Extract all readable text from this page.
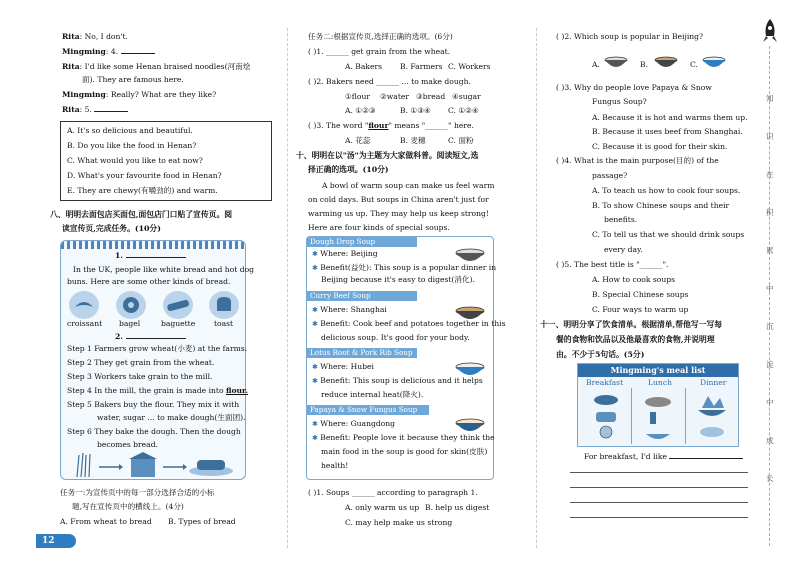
Rita: No, I don't.
Mingming: 4.
Rita: I'd like some Henan braised noodles(河南烩
面). They are famous here.
Mingming: Really? What are they like?
Rita: 5.
A. It's so delicious and beautiful.
B. Do you like the food in Henan?
C. What would you like to eat now?
D. What's your favourite food in Henan?
E. They are chewy(有嚼劲的) and warm.
八、明明去面包店买面包,面包店门口贴了宣传页。阅
读宣传页,完成任务。(10分)
1.
In the UK, people like white bread and hot dog
buns. Here are some other kinds of bread.
croissant bagel	baguette toast
2.
Step 1 Farmers grow wheat(小麦) at the farms.
Step 2 They get grain from the wheat.
Step 3 Workers take grain to the mill.
Step 4 In the mill, the grain is made into flour.
Step 5 Bakers buy the flour. They mix it with
water, sugar ... to make dough(生面团).
Step 6 They bake the dough. Then the dough
becomes bread.
任务一:为宣传页中的每一部分选择合适的小标
题,写在宣传页中的横线上。(4分)
A. From wheat to bread B. Types of bread
12
任务二:根据宣传页,选择正确的选项。(6分)
( )1. ______ get grain from the wheat.
A. Bakers B. Farmers C. Workers
( )2. Bakers need ______ ... to make dough.
①flour ②water ③bread ④sugar
A. ①②③	B. ①③④ C. ①②④
( )3. The word "flour" means "______" here.
A. 花蕊	B. 麦穗	C. 面粉
十、明明在以"汤"为主题为大家做科普。阅读短文,选
择正确的选项。(10分)
A bowl of warm soup can make us feel warm
on cold days. But soups in China aren't just for
warming us up. They may help us keep strong!
Here are four kinds of special soups.
Dough Drop Soup
✱ Where: Beijing
✱ Benefit(益处): This soup is a popular dinner in
Beijing because it's easy to digest(消化).
Curry Beef Soup
✱ Where: Shanghai
✱ Benefit: Cook beef and potatoes together in this
delicious soup. It's good for your body.
Lotus Root & Pork Rib Soup
✱ Where: Hubei
✱ Benefit: This soup is delicious and it helps
reduce internal heat(降火).
Papaya & Snow Fungus Soup
✱ Where: Guangdong
✱ Benefit: People love it because they think the
main food in the soup is good for skin(皮肤)
health!
( )1. Soups ______ according to paragraph 1.
A. only warm us up B. help us digest
C. may help make us strong
( )2. Which soup is popular in Beijing?
A.	B.	C.
( )3. Why do people love Papaya & Snow
Fungus Soup?
A. Because it is hot and warms them up.
B. Because it uses beef from Shanghai.
C. Because it is good for their skin.
( )4. What is the main purpose(目的) of the
passage?
A. To teach us how to cook four soups.
B. To show Chinese soups and their
benefits.
C. To tell us that we should drink soups
every day.
( )5. The best title is "______".
A. How to cook soups
B. Special Chinese soups
C. Four ways to warm up
十一、明明分享了饮食清单。根据清单,帮他写一写每
餐的食物和饮品以及他最喜欢的食物,并说明理
由。不少于5句话。(5分)
Mingming's meal list
Breakfast	Lunch	Dinner
For breakfast, I'd like
知
识
在
积
累
中
沉
淀
中
成
长
